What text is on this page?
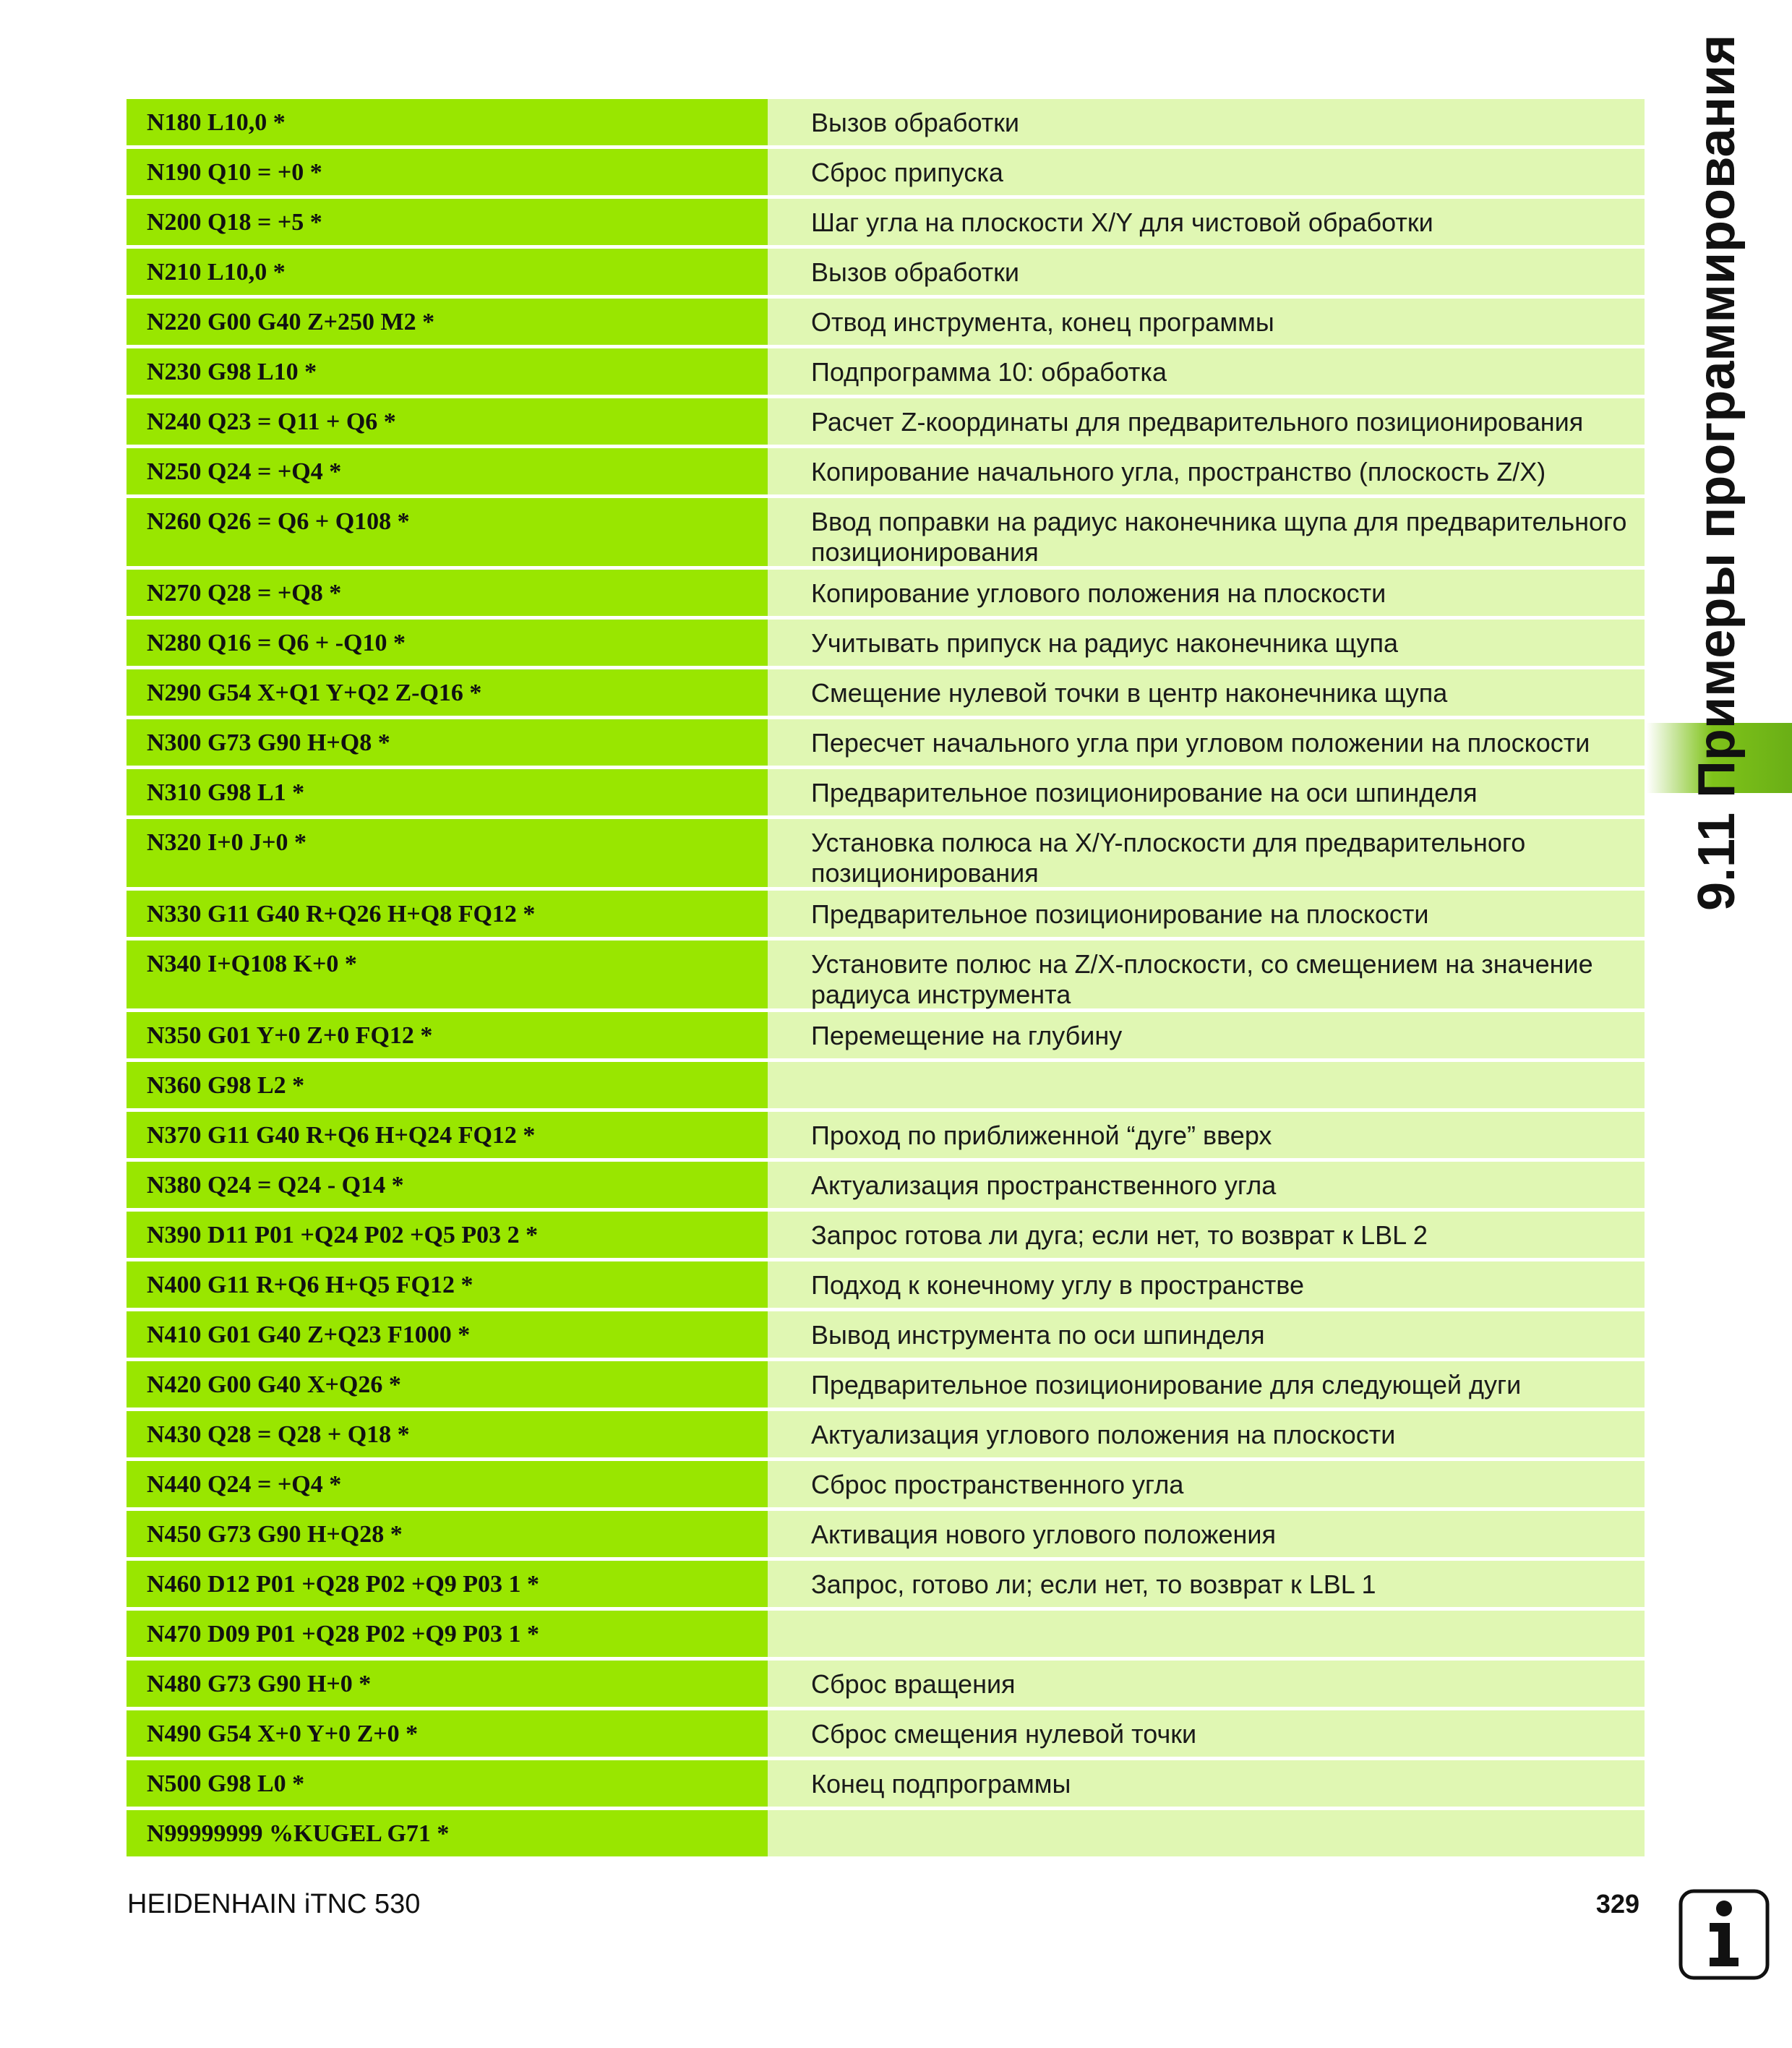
N180 L10,0 *	Вызов обработки
N190 Q10 = +0 *	Сброс припуска
N200 Q18 = +5 *	Шаг угла на плоскости X/Y для чистовой обработки
N210 L10,0 *	Вызов обработки
N220 G00 G40 Z+250 M2 *	Отвод инструмента, конец программы
N230 G98 L10 *	Подпрограмма 10: обработка
N240 Q23 = Q11 + Q6 *	Расчет Z-координаты для предварительного позиционирования
N250 Q24 = +Q4 *	Копирование начального угла, пространство (плоскость Z/X)
N260 Q26 = Q6 + Q108 *	Ввод поправки на радиус наконечника щупа для предварительного позиционирования
N270 Q28 = +Q8 *	Копирование углового положения на плоскости
N280 Q16 = Q6 + -Q10 *	Учитывать припуск на радиус наконечника щупа
N290 G54 X+Q1 Y+Q2 Z-Q16 *	Смещение нулевой точки в центр наконечника щупа
N300 G73 G90 H+Q8 *	Пересчет начального угла при угловом положении на плоскости
N310 G98 L1 *	Предварительное позиционирование на оси шпинделя
N320 I+0 J+0 *	Установка полюса на X/Y-плоскости для предварительного позиционирования
N330 G11 G40 R+Q26 H+Q8 FQ12 *	Предварительное позиционирование на плоскости
N340 I+Q108 K+0 *	Установите полюс на Z/X-плоскости, со смещением на значение радиуса инструмента
N350 G01 Y+0 Z+0 FQ12 *	Перемещение на глубину
N360 G98 L2 *
N370 G11 G40 R+Q6 H+Q24 FQ12 *	Проход по приближенной “дуге” вверх
N380 Q24 = Q24 - Q14 *	Актуализация пространственного угла
N390 D11 P01 +Q24 P02 +Q5 P03 2 *	Запрос готова ли дуга; если нет, то возврат к LBL 2
N400 G11 R+Q6 H+Q5 FQ12 *	Подход к конечному углу в пространстве
N410 G01 G40 Z+Q23 F1000 *	Вывод инструмента по оси шпинделя
N420 G00 G40 X+Q26 *	Предварительное позиционирование для следующей дуги
N430 Q28 = Q28 + Q18 *	Актуализация углового положения на плоскости
N440 Q24 = +Q4 *	Сброс пространственного угла
N450 G73 G90 H+Q28 *	Активация нового углового положения
N460 D12 P01 +Q28 P02 +Q9 P03 1 *	Запрос, готово ли; если нет, то возврат к LBL 1
N470 D09 P01 +Q28 P02 +Q9 P03 1 *
N480 G73 G90 H+0 *	Сброс вращения
N490 G54 X+0 Y+0 Z+0 *	Сброс смещения нулевой точки
N500 G98 L0 *	Конец подпрограммы
N99999999 %KUGEL G71 *
9.11 Примеры программирования
HEIDENHAIN iTNC 530	329
